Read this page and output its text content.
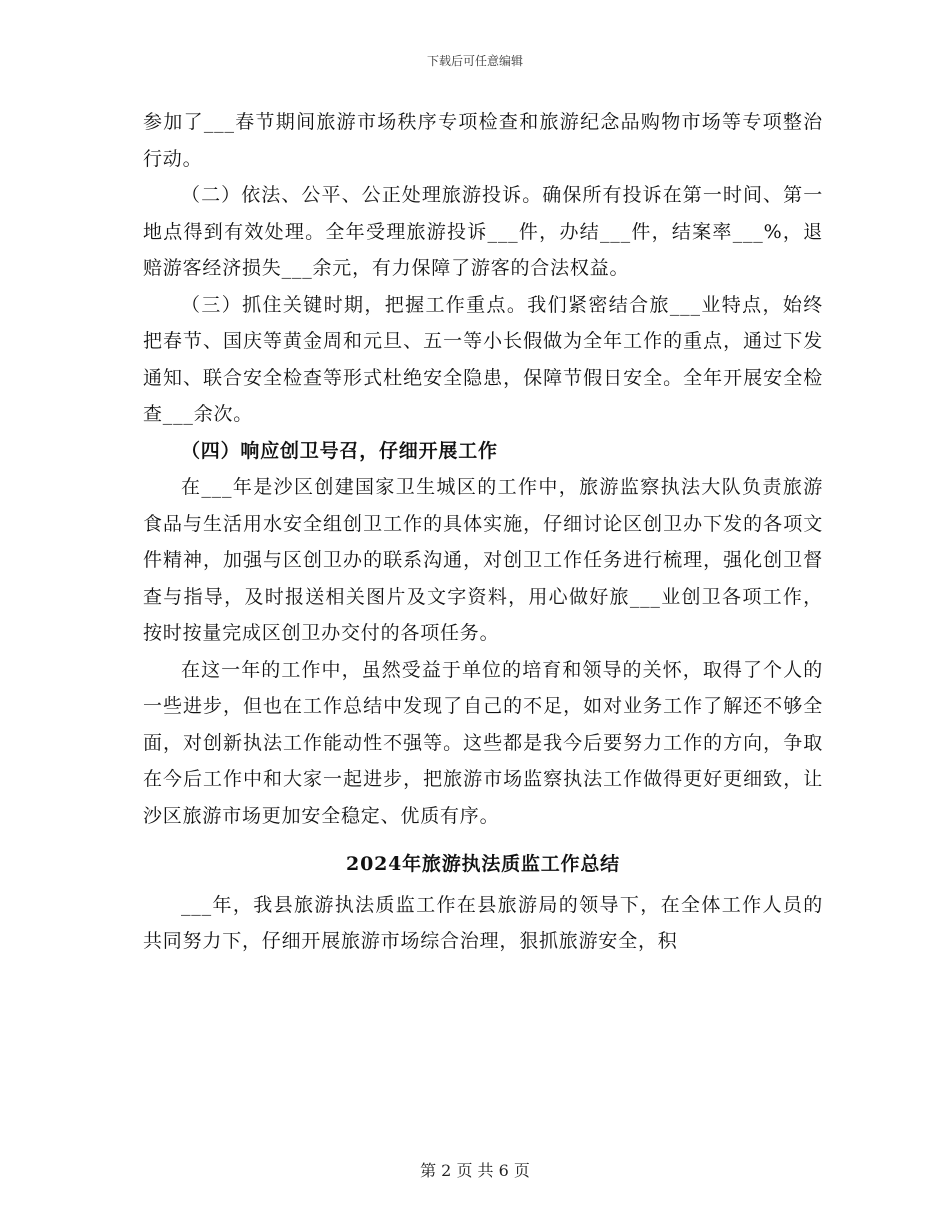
下载后可任意编辑

参加了___春节期间旅游市场秩序专项检查和旅游纪念品购物市场等专项整治行动。

（二）依法、公平、公正处理旅游投诉。确保所有投诉在第一时间、第一地点得到有效处理。全年受理旅游投诉___件，办结___件，结案率___%，退赔游客经济损失___余元，有力保障了游客的合法权益。

（三）抓住关键时期，把握工作重点。我们紧密结合旅___业特点，始终把春节、国庆等黄金周和元旦、五一等小长假做为全年工作的重点，通过下发通知、联合安全检查等形式杜绝安全隐患，保障节假日安全。全年开展安全检查___余次。

（四）响应创卫号召，仔细开展工作

在___年是沙区创建国家卫生城区的工作中，旅游监察执法大队负责旅游食品与生活用水安全组创卫工作的具体实施，仔细讨论区创卫办下发的各项文件精神，加强与区创卫办的联系沟通，对创卫工作任务进行梳理，强化创卫督查与指导，及时报送相关图片及文字资料，用心做好旅___业创卫各项工作，按时按量完成区创卫办交付的各项任务。

在这一年的工作中，虽然受益于单位的培育和领导的关怀，取得了个人的一些进步，但也在工作总结中发现了自己的不足，如对业务工作了解还不够全面，对创新执法工作能动性不强等。这些都是我今后要努力工作的方向，争取在今后工作中和大家一起进步，把旅游市场监察执法工作做得更好更细致，让沙区旅游市场更加安全稳定、优质有序。

2024年旅游执法质监工作总结

___年，我县旅游执法质监工作在县旅游局的领导下，在全体工作人员的共同努力下，仔细开展旅游市场综合治理，狠抓旅游安全，积

第 2 页 共 6 页
